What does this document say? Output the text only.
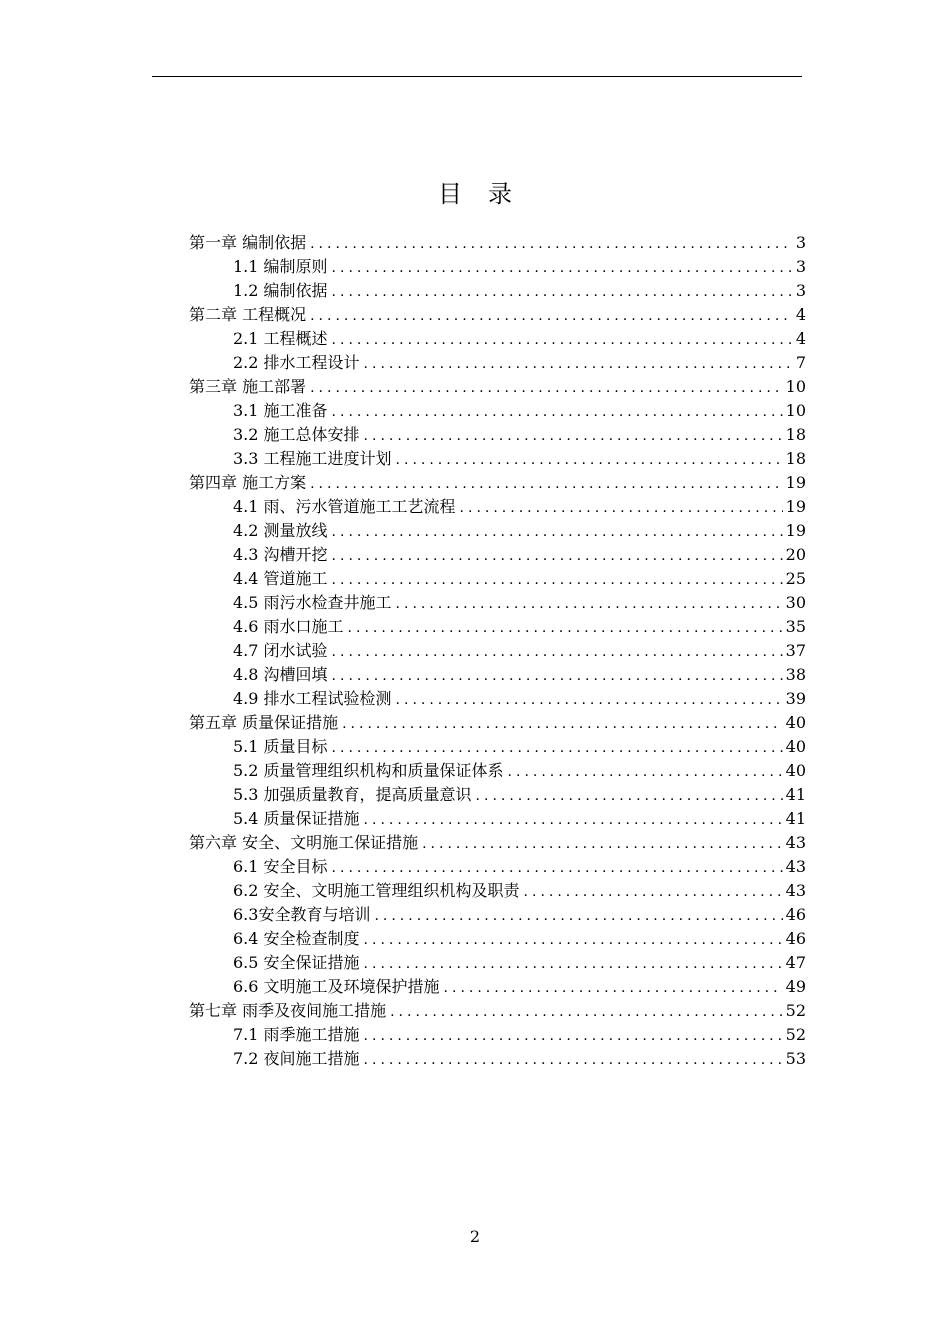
目录
第一章 编制依据 .....	3
1.1 编制原则 .....	3
1.2 编制依据 .....	3
第二章 工程概况 .....	4
2.1 工程概述 .....	4
2.2 排水工程设计 .....	7
第三章 施工部署 .....	10
3.1 施工准备 .....	10
3.2 施工总体安排 .....	18
3.3 工程施工进度计划 .....	18
第四章 施工方案 .....	19
4.1 雨、污水管道施工工艺流程 .....	19
4.2 测量放线 .....	19
4.3 沟槽开挖 .....	20
4.4 管道施工 .....	25
4.5 雨污水检查井施工 .....	30
4.6 雨水口施工 .....	35
4.7 闭水试验 .....	37
4.8 沟槽回填 .....	38
4.9 排水工程试验检测 .....	39
第五章 质量保证措施 .....	40
5.1 质量目标 .....	40
5.2 质量管理组织机构和质量保证体系 .....	40
5.3 加强质量教育，提高质量意识 .....	41
5.4 质量保证措施 .....	41
第六章 安全、文明施工保证措施 .....	43
6.1 安全目标 .....	43
6.2 安全、文明施工管理组织机构及职责 .....	43
6.3安全教育与培训 .....	46
6.4 安全检查制度 .....	46
6.5 安全保证措施 .....	47
6.6 文明施工及环境保护措施 .....	49
第七章 雨季及夜间施工措施 .....	52
7.1 雨季施工措施 .....	52
7.2 夜间施工措施 .....	53
2
